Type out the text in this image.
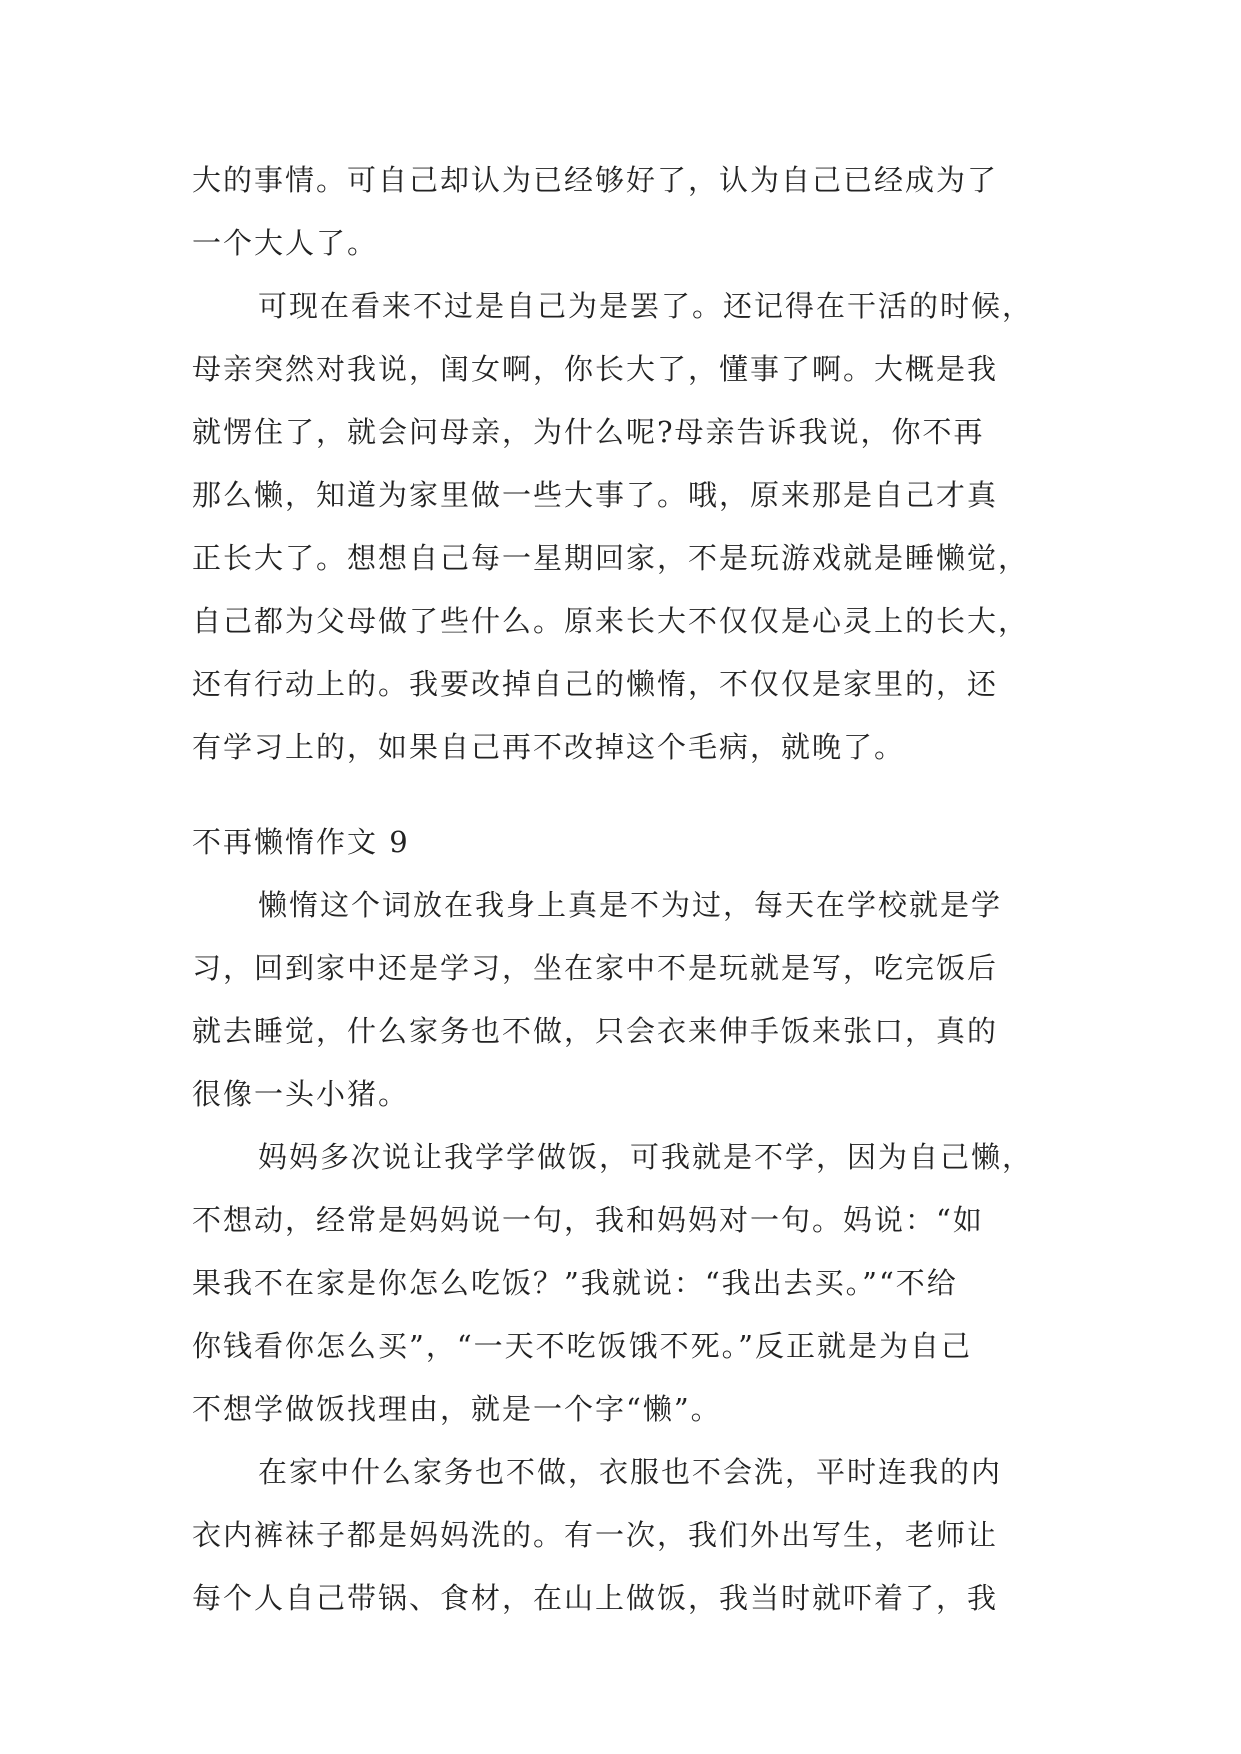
大的事情。可自己却认为已经够好了，认为自己已经成为了
一个大人了。
可现在看来不过是自己为是罢了。还记得在干活的时候，
母亲突然对我说，闺女啊，你长大了，懂事了啊。大概是我
就愣住了，就会问母亲，为什么呢?母亲告诉我说，你不再
那么懒，知道为家里做一些大事了。哦，原来那是自己才真
正长大了。想想自己每一星期回家，不是玩游戏就是睡懒觉，
自己都为父母做了些什么。原来长大不仅仅是心灵上的长大，
还有行动上的。我要改掉自己的懒惰，不仅仅是家里的，还
有学习上的，如果自己再不改掉这个毛病，就晚了。
不再懒惰作文 9
懒惰这个词放在我身上真是不为过，每天在学校就是学
习，回到家中还是学习，坐在家中不是玩就是写，吃完饭后
就去睡觉，什么家务也不做，只会衣来伸手饭来张口，真的
很像一头小猪。
妈妈多次说让我学学做饭，可我就是不学，因为自己懒，
不想动，经常是妈妈说一句，我和妈妈对一句。妈说：“如
果我不在家是你怎么吃饭？”我就说：“我出去买。”“不给
你钱看你怎么买”，“一天不吃饭饿不死。”反正就是为自己
不想学做饭找理由，就是一个字“懒”。
在家中什么家务也不做，衣服也不会洗，平时连我的内
衣内裤袜子都是妈妈洗的。有一次，我们外出写生，老师让
每个人自己带锅、食材，在山上做饭，我当时就吓着了，我
